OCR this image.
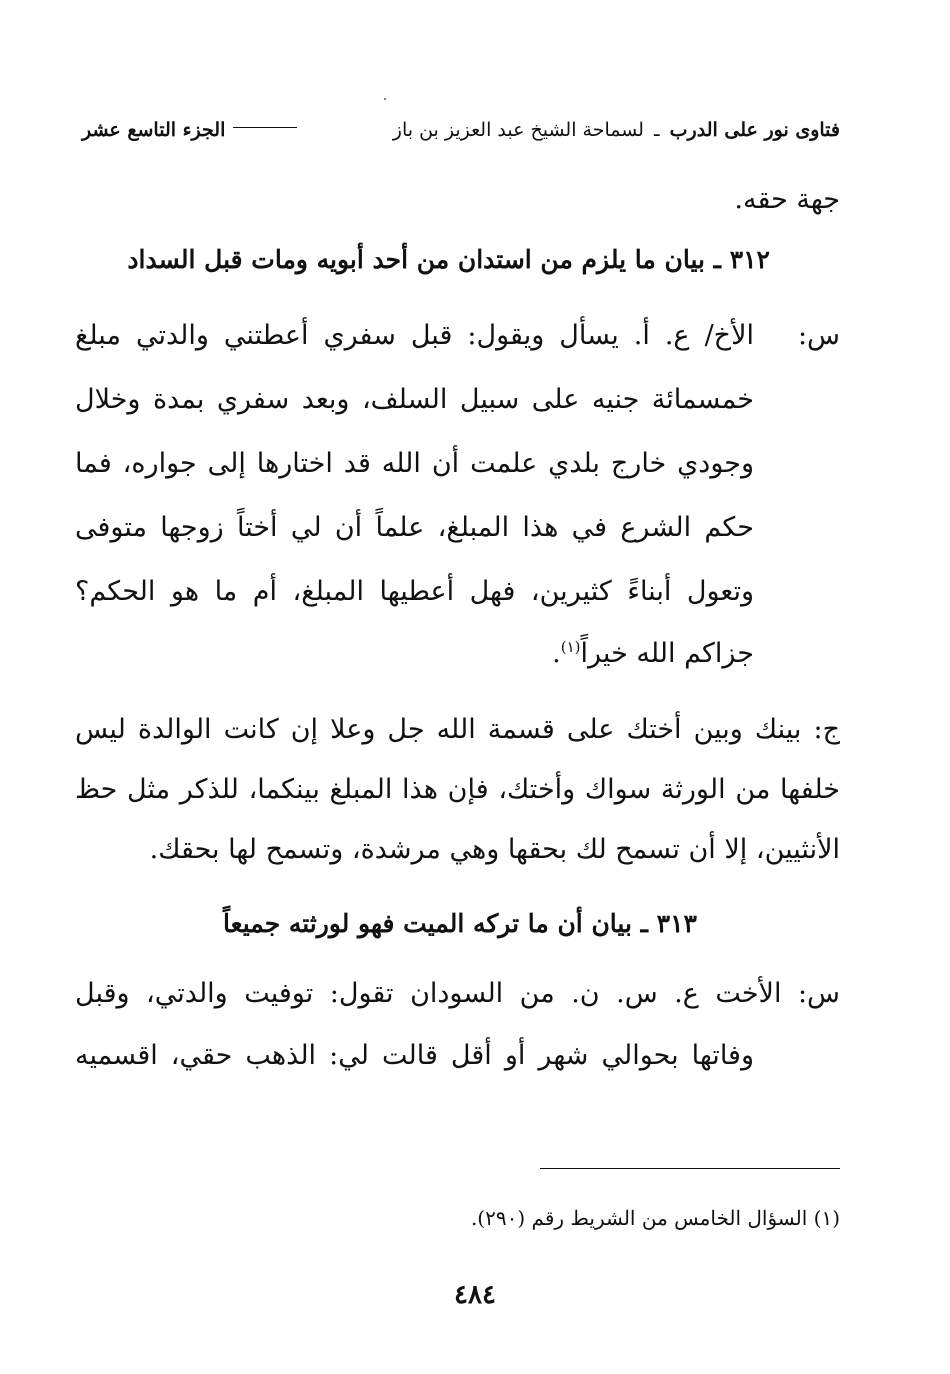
فتاوى نور على الدرب ـ لسماحة الشيخ عبد العزيز بن باز
الجزء التاسع عشر
جهة حقه.
٣١٢ ـ بيان ما يلزم من استدان من أحد أبويه ومات قبل السداد
س:
الأخ/ ع. أ. يسأل ويقول: قبل سفري أعطتني والدتي مبلغ
خمسمائة جنيه على سبيل السلف، وبعد سفري بمدة وخلال
وجودي خارج بلدي علمت أن الله قد اختارها إلى جواره، فما
حكم الشرع في هذا المبلغ، علماً أن لي أختاً زوجها متوفى
وتعول أبناءً كثيرين، فهل أعطيها المبلغ، أم ما هو الحكم؟
جزاكم الله خيراً$^{(١)}$.
ج: بينك وبين أختك على قسمة الله جل وعلا إن كانت الوالدة ليس
خلفها من الورثة سواك وأختك، فإن هذا المبلغ بينكما، للذكر مثل حظ
الأنثيين، إلا أن تسمح لك بحقها وهي مرشدة، وتسمح لها بحقك.
٣١٣ ـ بيان أن ما تركه الميت فهو لورثته جميعاً
س: الأخت ع. س. ن. من السودان تقول: توفيت والدتي، وقبل
وفاتها بحوالي شهر أو أقل قالت لي: الذهب حقي، اقسميه
(١) السؤال الخامس من الشريط رقم (٢٩٠).
٤٨٤
